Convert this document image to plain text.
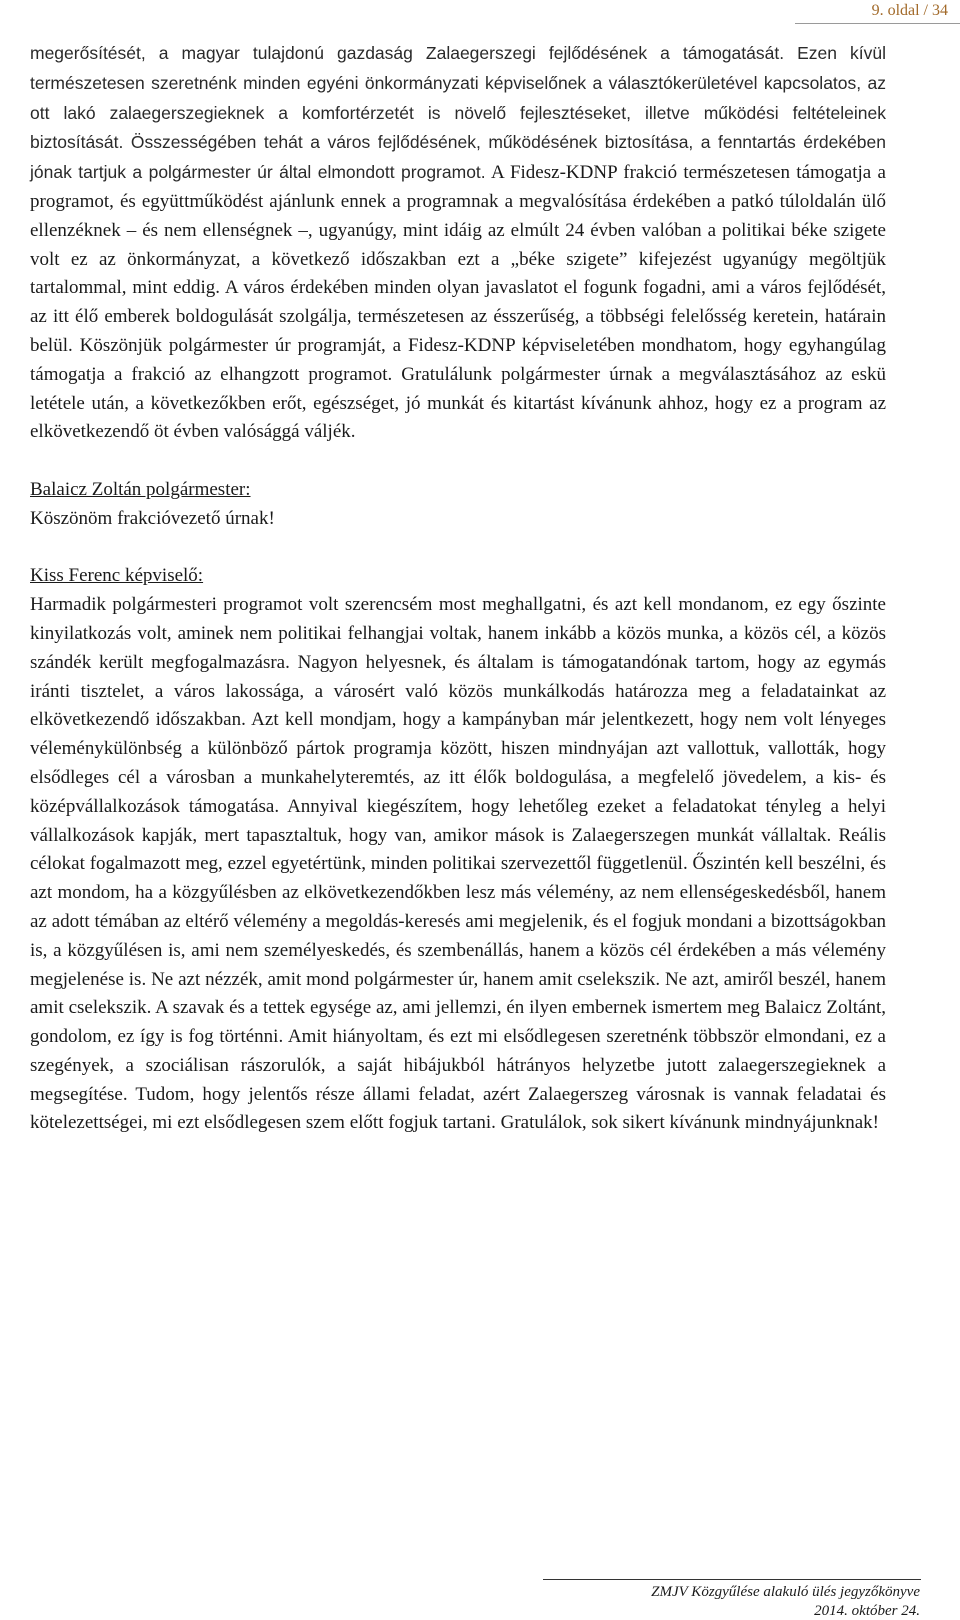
9. oldal / 34

megerősítését, a magyar tulajdonú gazdaság Zalaegerszegi fejlődésének a támogatását. Ezen kívül természetesen szeretnénk minden egyéni önkormányzati képviselőnek a választókerületével kapcsolatos, az ott lakó zalaegerszegieknek a komfortérzetét is növelő fejlesztéseket, illetve működési feltételeinek biztosítását. Összességében tehát a város fejlődésének, működésének biztosítása, a fenntartás érdekében jónak tartjuk a polgármester úr által elmondott programot. A Fidesz-KDNP frakció természetesen támogatja a programot, és együttműködést ajánlunk ennek a programnak a megvalósítása érdekében a patkó túloldalán ülő ellenzéknek – és nem ellenségnek –, ugyanúgy, mint idáig az elmúlt 24 évben valóban a politikai béke szigete volt ez az önkormányzat, a következő időszakban ezt a „béke szigete” kifejezést ugyanúgy megöltjük tartalommal, mint eddig. A város érdekében minden olyan javaslatot el fogunk fogadni, ami a város fejlődését, az itt élő emberek boldogulását szolgálja, természetesen az ésszerűség, a többségi felelősség keretein, határain belül. Köszönjük polgármester úr programját, a Fidesz-KDNP képviseletében mondhatom, hogy egyhangúlag támogatja a frakció az elhangzott programot. Gratulálunk polgármester úrnak a megválasztásához az eskü letétele után, a következőkben erőt, egészséget, jó munkát és kitartást kívánunk ahhoz, hogy ez a program az elkövetkezendő öt évben valósággá váljék.

Balaicz Zoltán polgármester:

Köszönöm frakcióvezető úrnak!

Kiss Ferenc képviselő:

Harmadik polgármesteri programot volt szerencsém most meghallgatni, és azt kell mondanom, ez egy őszinte kinyilatkozás volt, aminek nem politikai felhangjai voltak, hanem inkább a közös munka, a közös cél, a közös szándék került megfogalmazásra. Nagyon helyesnek, és általam is támogatandónak tartom, hogy az egymás iránti tisztelet, a város lakossága, a városért való közös munkálkodás határozza meg a feladatainkat az elkövetkezendő időszakban. Azt kell mondjam, hogy a kampányban már jelentkezett, hogy nem volt lényeges véleménykülönbség a különböző pártok programja között, hiszen mindnyájan azt vallottuk, vallották, hogy elsődleges cél a városban a munkahelyteremtés, az itt élők boldogulása, a megfelelő jövedelem, a kis- és középvállalkozások támogatása. Annyival kiegészítem, hogy lehetőleg ezeket a feladatokat tényleg a helyi vállalkozások kapják, mert tapasztaltuk, hogy van, amikor mások is Zalaegerszegen munkát vállaltak. Reális célokat fogalmazott meg, ezzel egyetértünk, minden politikai szervezettől függetlenül. Őszintén kell beszélni, és azt mondom, ha a közgyűlésben az elkövetkezendőkben lesz más vélemény, az nem ellenségeskedésből, hanem az adott témában az eltérő vélemény a megoldás-keresés ami megjelenik, és el fogjuk mondani a bizottságokban is, a közgyűlésen is, ami nem személyeskedés, és szembenállás, hanem a közös cél érdekében a más vélemény megjelenése is. Ne azt nézzék, amit mond polgármester úr, hanem amit cselekszik. Ne azt, amiről beszél, hanem amit cselekszik. A szavak és a tettek egysége az, ami jellemzi, én ilyen embernek ismertem meg Balaicz Zoltánt, gondolom, ez így is fog történni. Amit hiányoltam, és ezt mi elsődlegesen szeretnénk többször elmondani, ez a szegények, a szociálisan rászorulók, a saját hibájukból hátrányos helyzetbe jutott zalaegerszegieknek a megsegítése. Tudom, hogy jelentős része állami feladat, azért Zalaegerszeg városnak is vannak feladatai és kötelezettségei, mi ezt elsődlegesen szem előtt fogjuk tartani. Gratulálok, sok sikert kívánunk mindnyájunknak!

ZMJV Közgyűlése alakuló ülés jegyzőkönyve
2014. október 24.
